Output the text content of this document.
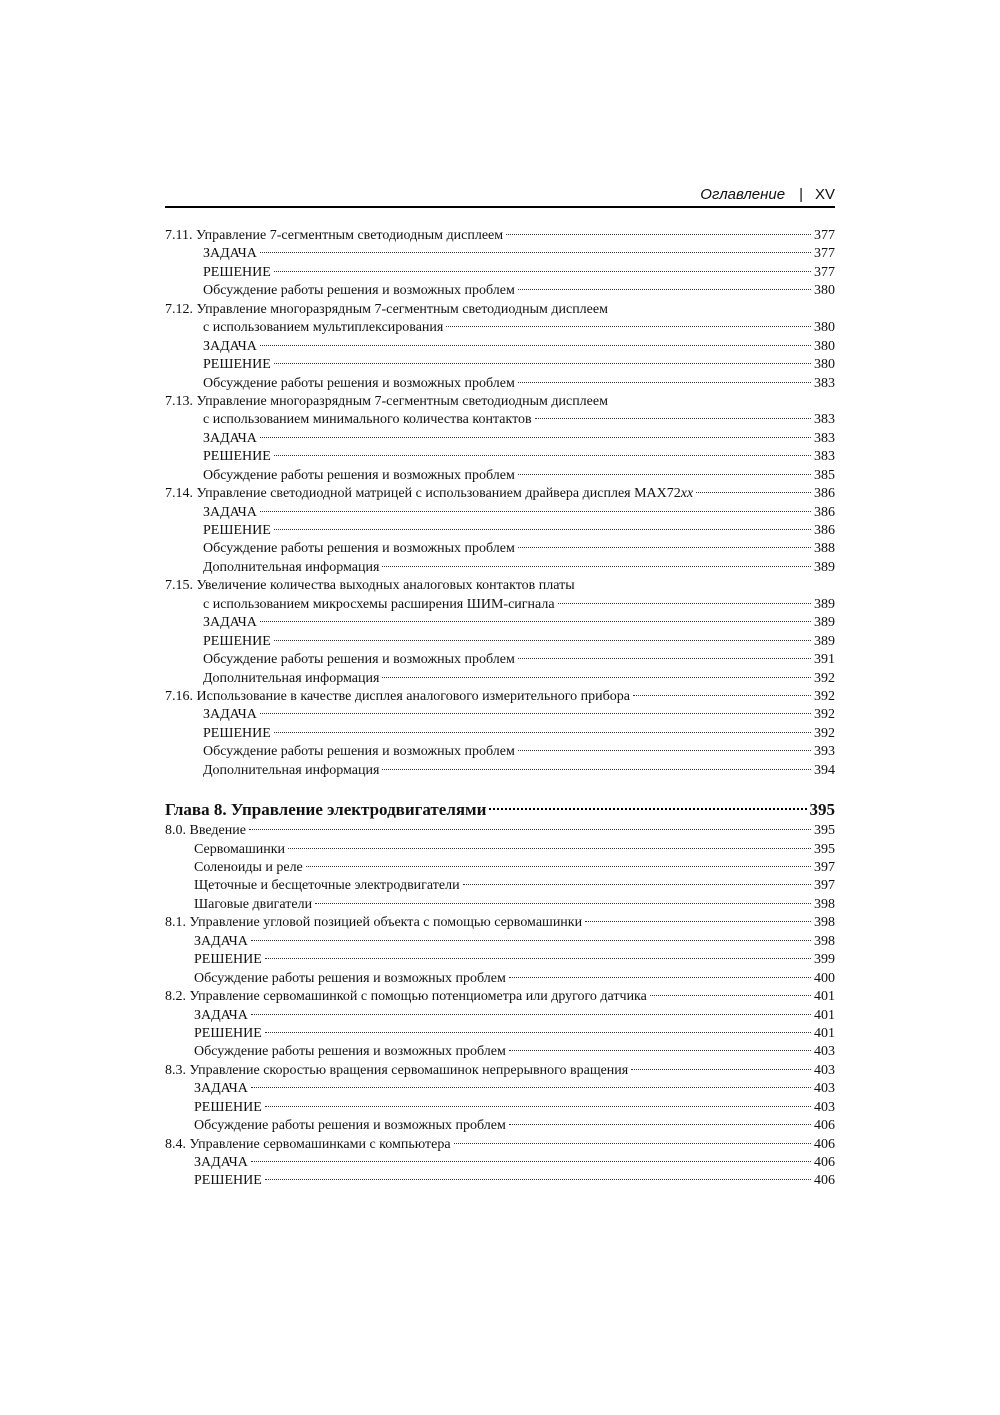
Оглавление | XV
7.11. Управление 7-сегментным светодиодным дисплеем	377
ЗАДАЧА	377
РЕШЕНИЕ	377
Обсуждение работы решения и возможных проблем	380
7.12. Управление многоразрядным 7-сегментным светодиодным дисплеем
с использованием мультиплексирования	380
ЗАДАЧА	380
РЕШЕНИЕ	380
Обсуждение работы решения и возможных проблем	383
7.13. Управление многоразрядным 7-сегментным светодиодным дисплеем
с использованием минимального количества контактов	383
ЗАДАЧА	383
РЕШЕНИЕ	383
Обсуждение работы решения и возможных проблем	385
7.14. Управление светодиодной матрицей с использованием драйвера дисплея MAX72xx	386
ЗАДАЧА	386
РЕШЕНИЕ	386
Обсуждение работы решения и возможных проблем	388
Дополнительная информация	389
7.15. Увеличение количества выходных аналоговых контактов платы
с использованием микросхемы расширения ШИМ-сигнала	389
ЗАДАЧА	389
РЕШЕНИЕ	389
Обсуждение работы решения и возможных проблем	391
Дополнительная информация	392
7.16. Использование в качестве дисплея аналогового измерительного прибора	392
ЗАДАЧА	392
РЕШЕНИЕ	392
Обсуждение работы решения и возможных проблем	393
Дополнительная информация	394
Глава 8. Управление электродвигателями	395
8.0. Введение	395
Сервомашинки	395
Соленоиды и реле	397
Щеточные и бесщеточные электродвигатели	397
Шаговые двигатели	398
8.1. Управление угловой позицией объекта с помощью сервомашинки	398
ЗАДАЧА	398
РЕШЕНИЕ	399
Обсуждение работы решения и возможных проблем	400
8.2. Управление сервомашинкой с помощью потенциометра или другого датчика	401
ЗАДАЧА	401
РЕШЕНИЕ	401
Обсуждение работы решения и возможных проблем	403
8.3. Управление скоростью вращения сервомашинок непрерывного вращения	403
ЗАДАЧА	403
РЕШЕНИЕ	403
Обсуждение работы решения и возможных проблем	406
8.4. Управление сервомашинками с компьютера	406
ЗАДАЧА	406
РЕШЕНИЕ	406
